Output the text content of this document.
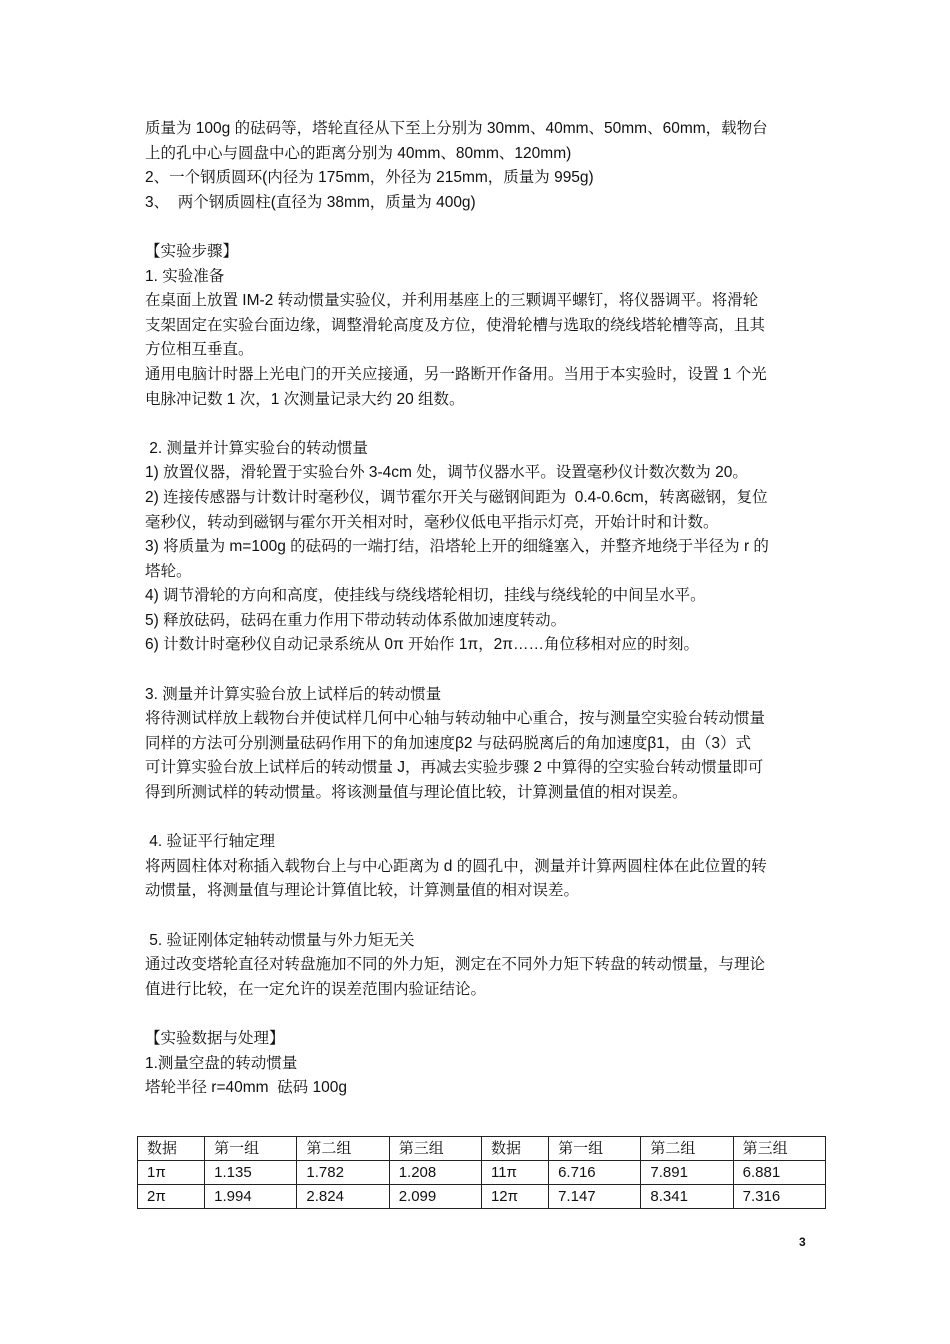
质量为 100g 的砝码等，塔轮直径从下至上分别为 30mm、40mm、50mm、60mm，载物台
上的孔中心与圆盘中心的距离分别为 40mm、80mm、120mm)
2、一个钢质圆环(内径为 175mm，外径为 215mm，质量为 995g)
3、  两个钢质圆柱(直径为 38mm，质量为 400g)
【实验步骤】
1. 实验准备
在桌面上放置 IM-2 转动惯量实验仪，并利用基座上的三颗调平螺钉，将仪器调平。将滑轮
支架固定在实验台面边缘，调整滑轮高度及方位，使滑轮槽与选取的绕线塔轮槽等高，且其
方位相互垂直。
通用电脑计时器上光电门的开关应接通，另一路断开作备用。当用于本实验时，设置 1 个光
电脉冲记数 1 次，1 次测量记录大约 20 组数。
2. 测量并计算实验台的转动惯量
1) 放置仪器，滑轮置于实验台外 3-4cm 处，调节仪器水平。设置毫秒仪计数次数为 20。
2) 连接传感器与计数计时毫秒仪，调节霍尔开关与磁钢间距为  0.4-0.6cm，转离磁钢，复位
毫秒仪，转动到磁钢与霍尔开关相对时，毫秒仪低电平指示灯亮，开始计时和计数。
3) 将质量为 m=100g 的砝码的一端打结，沿塔轮上开的细缝塞入，并整齐地绕于半径为 r 的
塔轮。
4) 调节滑轮的方向和高度，使挂线与绕线塔轮相切，挂线与绕线轮的中间呈水平。
5) 释放砝码，砝码在重力作用下带动转动体系做加速度转动。
6) 计数计时毫秒仪自动记录系统从 0π 开始作 1π，2π……角位移相对应的时刻。
3. 测量并计算实验台放上试样后的转动惯量
将待测试样放上载物台并使试样几何中心轴与转动轴中心重合，按与测量空实验台转动惯量
同样的方法可分别测量砝码作用下的角加速度β2 与砝码脱离后的角加速度β1，由（3）式
可计算实验台放上试样后的转动惯量 J，再减去实验步骤 2 中算得的空实验台转动惯量即可
得到所测试样的转动惯量。将该测量值与理论值比较，计算测量值的相对误差。
4. 验证平行轴定理
将两圆柱体对称插入载物台上与中心距离为 d 的圆孔中，测量并计算两圆柱体在此位置的转
动惯量，将测量值与理论计算值比较，计算测量值的相对误差。
5. 验证刚体定轴转动惯量与外力矩无关
通过改变塔轮直径对转盘施加不同的外力矩，测定在不同外力矩下转盘的转动惯量，与理论
值进行比较，在一定允许的误差范围内验证结论。
【实验数据与处理】
1.测量空盘的转动惯量
塔轮半径 r=40mm  砝码 100g
数据	第一组	第二组	第三组	数据	第一组	第二组	第三组
1π	1.135	1.782	1.208	11π	6.716	7.891	6.881
2π	1.994	2.824	2.099	12π	7.147	8.341	7.316
3
